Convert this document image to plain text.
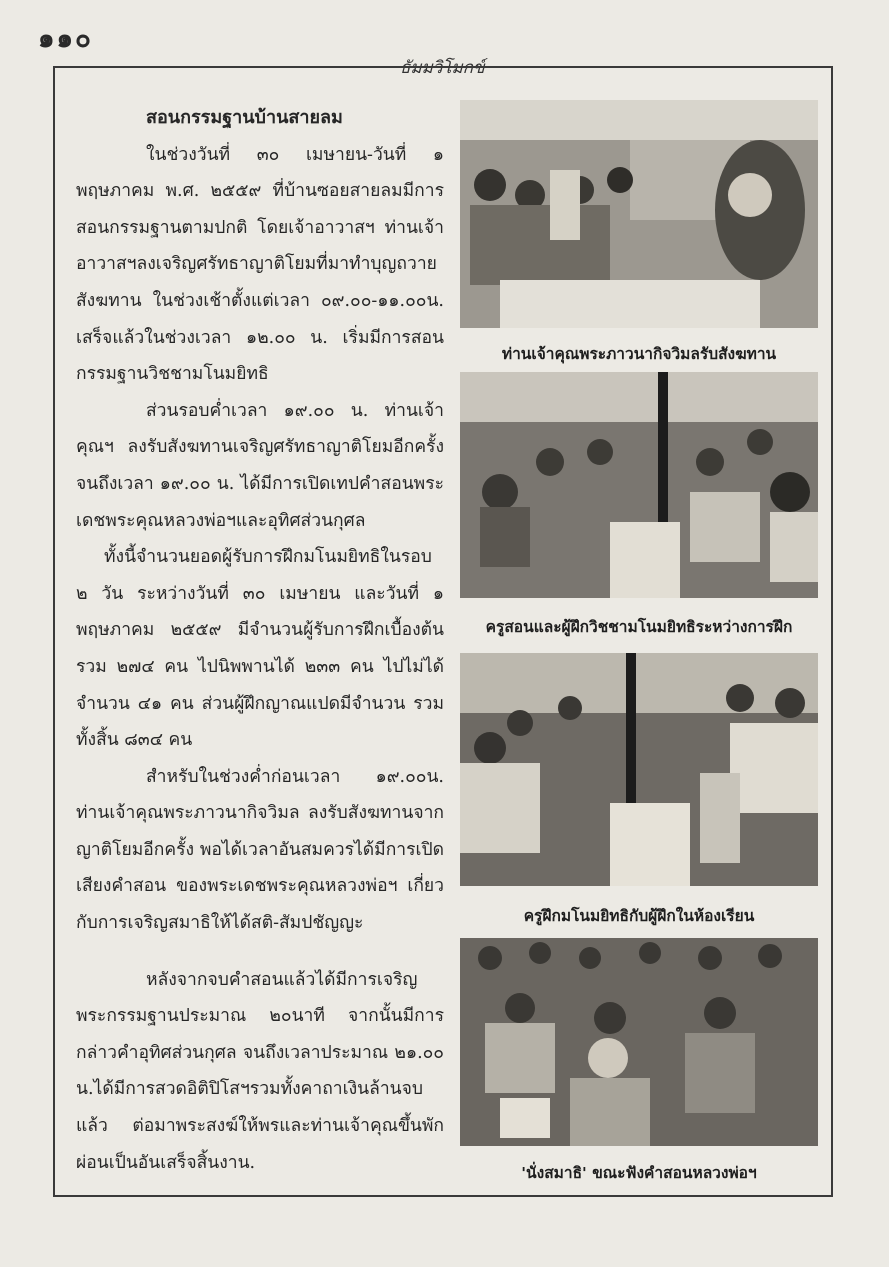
๑๑๐
ธัมมวิโมกข์

สอนกรรมฐานบ้านสายลม

ในช่วงวันที่ ๓๐ เมษายน-วันที่ ๑ พฤษภาคม พ.ศ. ๒๕๕๙ ที่บ้านซอยสายลมมีการสอนกรรมฐานตามปกติ โดยเจ้าอาวาสฯ ท่านเจ้าอาวาสฯลงเจริญศรัทธาญาติโยมที่มาทำบุญถวายสังฆทาน ในช่วงเช้าตั้งแต่เวลา ๐๙.๐๐-๑๑.๐๐น. เสร็จแล้วในช่วงเวลา ๑๒.๐๐ น. เริ่มมีการสอนกรรมฐานวิชชามโนมยิทธิ

ส่วนรอบค่ำเวลา ๑๙.๐๐ น. ท่านเจ้าคุณฯ ลงรับสังฆทานเจริญศรัทธาญาติโยมอีกครั้งจนถึงเวลา ๑๙.๐๐ น. ได้มีการเปิดเทปคำสอนพระเดชพระคุณหลวงพ่อฯและอุทิศส่วนกุศล

ทั้งนี้จำนวนยอดผู้รับการฝึกมโนมยิทธิในรอบ ๒ วัน ระหว่างวันที่ ๓๐ เมษายน และวันที่ ๑ พฤษภาคม ๒๕๕๙ มีจำนวนผู้รับการฝึกเบื้องต้น รวม ๒๗๔ คน ไปนิพพานได้ ๒๓๓ คน ไปไม่ได้ จำนวน ๔๑ คน ส่วนผู้ฝึกญาณแปดมีจำนวน รวมทั้งสิ้น ๘๓๔ คน

สำหรับในช่วงค่ำก่อนเวลา ๑๙.๐๐น. ท่านเจ้าคุณพระภาวนากิจวิมล ลงรับสังฆทานจากญาติโยมอีกครั้ง พอได้เวลาอันสมควรได้มีการเปิดเสียงคำสอน ของพระเดชพระคุณหลวงพ่อฯ เกี่ยวกับการเจริญสมาธิให้ได้สติ-สัมปชัญญะ

หลังจากจบคำสอนแล้วได้มีการเจริญพระกรรมฐานประมาณ ๒๐นาที จากนั้นมีการกล่าวคำอุทิศส่วนกุศล จนถึงเวลาประมาณ ๒๑.๐๐ น.ได้มีการสวดอิติปิโสฯรวมทั้งคาถาเงินล้านจบแล้ว ต่อมาพระสงฆ์ให้พรและท่านเจ้าคุณขึ้นพักผ่อนเป็นอันเสร็จสิ้นงาน.

ท่านเจ้าคุณพระภาวนากิจวิมลรับสังฆทาน
ครูสอนและผู้ฝึกวิชชามโนมยิทธิระหว่างการฝึก
ครูฝึกมโนมยิทธิกับผู้ฝึกในห้องเรียน
'นั่งสมาธิ' ขณะฟังคำสอนหลวงพ่อฯ
